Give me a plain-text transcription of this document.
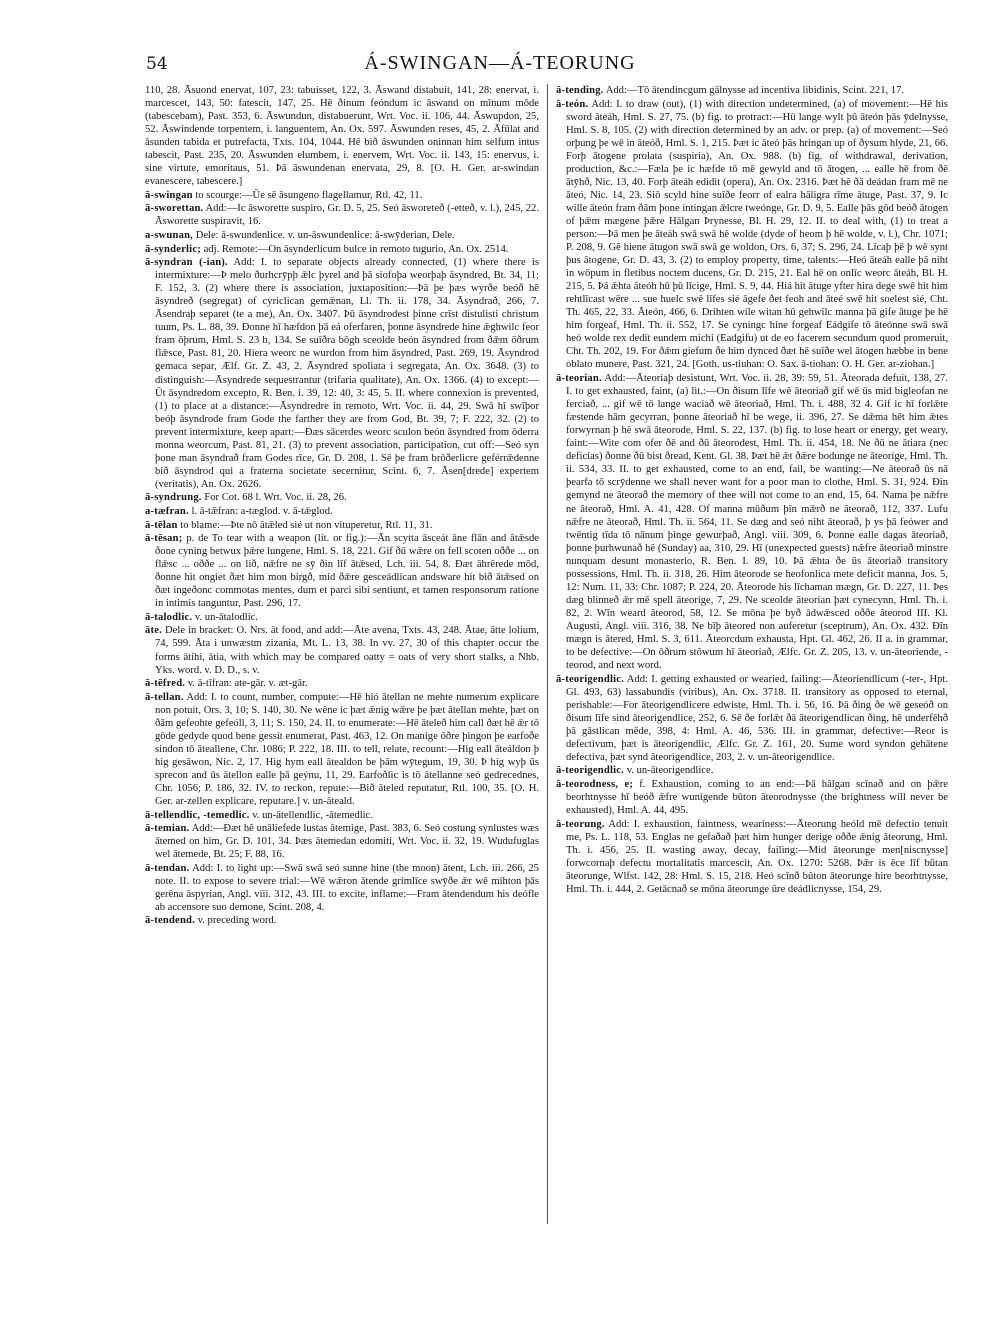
54	Á-SWINGAN—Á-TEORUNG

110, 28. Āsuond enervat, 107, 23: tabuisset, 122, 3. Āswand distabuit, 141, 28: enervat, i. marcescet, 143, 50: fatescit, 147, 25. Hē ðinum feóndum ic āswand on mīnum mōde (tabescebam), Past. 353, 6. Āswundun, distabuerunt, Wrt. Voc. ii. 106, 44. Āswupdon, 25, 52. Āswindende torpentem, i. languentem, An. Ox. 597. Āswunden reses, 45, 2. Āfūlat and āsunden tabida et putrefacta, Txts. 104, 1044. Hē bið āswunden oninnan him selfum intus tabescit, Past. 235, 20. Āswunden elumbem, i. enervem, Wrt. Voc. ii. 143, 15: enervus, i. sine virtute, emoritaus, 51. Þā āswundenan enervata, 29, 8. [O. H. Ger. ar-swindan evanescere, tabescere.]

ā-swingan to scourge:—Ūe sē āsungeno flagellamur, Rtl. 42, 11.

ā-sworettan. Add:—Ic āsworette suspiro, Gr. D. 5, 25. Seó āsworeteð (-etteð, v. l.), 245, 22. Āsworette suspiravit, 16.

a-swunan, Dele: ā-swundenlice. v. un-āswundenlice: ā-swȳderian, Dele.

ā-synderlic; adj. Remote:—On āsynderlicum bulce in remoto tugurio, An. Ox. 2514.

ā-syndran (-ian). Add: I. to separate objects already connected, (1) where there is intermixture:—Þ melo ðurhcrȳpþ ǣlc þyrel and þā siofoþa weorþaþ āsyndred, Bt. 34, 11; F. 152, 3. (2) where there is association, juxtaposition:—Þā þe þæs wyrðe beóð hē āsyndreð (segregat) of cyriclican gemǣnan, Ll. Th. ii. 178, 34. Āsyndrað, 266, 7. Āsendraþ separet (te a me), An. Ox. 3407. Þū āsyndrodest þinne crīst distulisti christum tuum, Ps. L. 88, 39. Ðonne hī hæfdon þā eá oferfaren, þonne āsyndrede hine ǣghwilc feor fram ōþrum, Hml. S. 23 b, 134. Se suīðra bōgh sceolde beón āsyndred from ðǣm ōðrum flǣsce, Past. 81, 20. Hiera weorc ne wurdon from him āsyndred, Past. 269, 19. Āsyndrod gemaca separ, Ælf. Gr. Z. 43, 2. Āsyndred spoliata i segregata, An. Ox. 3648. (3) to distinguish:—Āsyndrede sequestrantur (trifaria qualitate), An. Ox. 1366. (4) to except:—Ūt āsyndredom excepto, R. Ben. i. 39, 12: 40, 3: 45, 5. II. where connexion is prevented, (1) to place at a distance:—Āsyndredre in remoto, Wrt. Voc. ii. 44, 29. Swā hī swīþor beóþ āsyndrode fram Gode the farther they are from God, Bt. 39, 7; F. 222, 32. (2) to prevent intermixture, keep apart:—Ðæs sācerdes weorc sculon beón āsyndred from ōderra monna weorcum, Past. 81, 21. (3) to prevent association, participation, cut off:—Seó syn þone man āsyndrað fram Godes rīce, Gr. D. 208, 1. Sē þe fram brōðerlicre geférrǣdenne bið āsyndrod qui a fraterna societate secernitur, Scint. 6, 7. Āsen[drede] expertem (veritatis), An. Ox. 2626.

ā-syndrung. For Cot. 68 l. Wrt. Voc. ii. 28, 26.

a-tæfran. l. ā-tǣfran: a-tæglod. v. ā-tǣglod.

ā-tēlan to blame:—Þte nō ātǣled sié ut non vituperetur, Rtl. 11, 31.

ā-tēsan; p. de To tear with a weapon (lit. or fig.):—Ān scytta āsceát āne flān and ātǣsde ðone cyning betwux þǣre lungene, Hml. S. 18, 221. Gif ðū wǣre on fell scoten oððe ... on flǣsc ... oððe ... on lið, nǣfre ne sȳ ðin līf ātǣsed, Lch. iii. 54, 8. Ðæt āhrērede mōd, ðonne hit ongiet ðæt him mon birgð, mid ðǣre gesceádlican andsware hit bið ātǣsed on ðæt ingeðonc commotas mentes, dum et parci sibi sentiunt, et tamen responsorum ratione in intimis tanguntur, Past. 296, 17.

ā-talodlic. v. un-ātalodlic.

āte. Dele in bracket: O. Nrs. āt food, and add:—Āte avena, Txts. 43, 248. Ātae, ātte lolium, 74, 599. Āta i unwæstm zizania, Mt. L. 13, 38. In vv. 27, 30 of this chapter occur the forms ātihi, ātia, with which may be compared oatty = oats of very short stalks, a Nhb. Yks. word. v. D. D., s. v.

ā-tēfred. v. ā-tīfran: ate-gār. v. æt-gār.

ā-tellan. Add: I. to count, number, compute:—Hē hió ātellan ne mehte numerum explicare non potuit, Ors. 3, 10; S. 140, 30. Ne wēne ic þæt ǣnig wǣre þe þæt ātellan mehte, þæt on ðām gefeohte gefeóll, 3, 11; S. 150, 24. II. to enumerate:—Hē āteleð him call ðæt hē ǣr tō gōde gedyde quod bene gessit enumerat, Past. 463, 12. On manige ōðre þingon þe earfoðe sindon tō āteallene, Chr. 1086; P. 222, 18. III. to tell, relate, recount:—Hig eall āteáldon þ hig gesāwon, Nic. 2, 17. Hig hym eall ātealdon be þām wȳtegum, 19, 30. Þ hig wyþ ūs sprecon and ūs ātellon ealle þā geýnu, 11, 29. Earfoðlic is tō ātellanne seó gedrecednes, Chr. 1056; P. 186, 32. IV. to reckon, repute:—Bið āteled reputatur, Rtl. 100, 35. [O. H. Ger. ar-zellen explicare, reputare.] v. un-āteald.

ā-tellendlic, -temedlic. v. un-ātellendlic, -ātemedlic.

ā-temian. Add:—Ðæt hē unāliefede lustas ātemige, Past. 383, 6. Seó costung synlustes wæs ātemed on him, Gr. D. 101, 34. Þæs ātemedan edomiti, Wrt. Voc. ii. 32, 19. Wudufuglas wel ātemede, Bt. 25; F. 88, 16.

ā-tendan. Add: I. to light up:—Swā swā seó sunne hine (the moon) ātent, Lch. iii. 266, 25 note. II. to expose to severe trial:—Wē wǣron ātende grimlīce swȳðe ǣr wē mihton þās gerēna āspyrian, Angl. viii. 312, 43. III. to excite, inflame:—Fram ātendendum his deófle ab accensore suo demone, Scint. 208, 4.

ā-tendend. v. preceding word.

ā-tending. Add:—Tō ātendincgum gālnysse ad incentiva libidinis, Scint. 221, 17.

ā-teón. Add: I. to draw (out), (1) with direction undetermined, (a) of movement:—Hē his sword āteáh, Hml. S. 27, 75. (b) fig. to protract:—Hū lange wylt þū āteón þās ȳdelnysse, Hml. S. 8, 105. (2) with direction determined by an adv. or prep. (a) of movement:—Seó orþung þe wē in āteóð, Hml. S. 1, 215. Þæt ic āteó þās hringan up of ðysum hlyde, 21, 66. Forþ ātogene prolata (suspiria), An. Ox. 988. (b) fig. of withdrawal, derivation, production, &c.:—Fæla þe ic hæfde tō mē gewyld and tō ātogen, ... ealle hē from ðē ātȳhð, Nic. 13, 40. Forþ āteáh edidit (opera), An. Ox. 2316. Þæt hē ðā deádan fram mē ne āteó, Nic. 14, 23. Siō scyld hine suīðe feorr of ealra hāligra rīme ātuge, Past. 37, 9. Ic wille āteón fram ðām þone intingan ǣlcre tweónge, Gr. D. 9, 5. Ealle þās gōd beóð ātogen of þǣm mægene þǣre Hālgan Þrynesse, Bl. H. 29, 12. II. to deal with, (1) to treat a person:—Þā men þe āteáh swā swā hē wolde (dyde of heom þ hē wolde, v. l.), Chr. 1071; P. 208, 9. Gē hiene ātugon swā swā ge woldon, Ors. 6, 37; S. 296, 24. Līcaþ þē þ wē synt þus ātogene, Gr. D. 43, 3. (2) to employ property, time, talents:—Heó āteáh ealle þā niht in wōpum in fletibus noctem ducens, Gr. D. 215, 21. Eal hē on onlīc weorc āteáh, Bl. H. 215, 5. Þā ǣhta āteóh hū þū līcige, Hml. S. 9, 44. Hiá hit ātuge yfter hira dege swē hit him rehtlīcast wēre ... sue huelc swē līfes sié āgefe ðet feoh and āteé swē hit soelest sié, Cht. Th. 465, 22, 33. Āteón, 466, 6. Drihten wile witan hū gehwilc manna þā gife ātuge þe hē him forgeaf, Hml. Th. ii. 552, 17. Se cyningc hine forgeaf Eádgife tō āteónne swā swā heó wolde rex dedit eundem michi (Eadgifu) ut de eo facerem secundum quod promeruit, Cht. Th. 202, 19. For ðǣm giefum ðe him dynced ðæt hē suīðe wel ātogen hæbbe in bene oblato munere, Past. 321, 24. [Goth. us-tiuhan: O. Sax. ā-tiohan: O. H. Ger. ar-ziohan.]

ā-teorian. Add:—Āteoriaþ desistunt, Wrt. Voc. ii. 28, 39: 59, 51. Āteorada defuit, 138, 27. I. to get exhausted, faint, (a) lit.:—On ðisum līfe wē āteoriað gif wē ūs mid bigleofan ne ferciað, ... gif wē tō lange waciað wē āteoriað, Hml. Th. i. 488, 32 4. Gif ic hī forlǣte fæstende hām gecyrran, þonne āteoriað hī be wege, ii. 396, 27. Se dǣma hēt him ǣtes forwyrnan þ hē swā āteorode, Hml. S. 22, 137. (b) fig. to lose heart or energy, get weary, faint:—Wite com ofer ðē and ðū āteorodest, Hml. Th. ii. 454, 18. Ne ðū ne ātiara (nec deficias) ðonne ðū bist ðread, Kent. Gl. 38. Þæt hē ǣt ðǣre bodunge ne āteorige, Hml. Th. ii. 534, 33. II. to get exhausted, come to an end, fail, be wanting:—Ne āteorað ūs nā þearfa tō scrȳdenne we shall never want for a poor man to clothe, Hml. S. 31, 924. Ðin gemynd ne āteorað the memory of thee will not come to an end, 15, 64. Nama þe nǣfre ne āteorað, Hml. A. 41, 428. Of manna mūðum þīn mǣrð ne āteorað, 112, 337. Lufu nǣfre ne āteorað, Hml. Th. ii. 564, 11. Se dæg and seó niht āteorað, þ ys þā feówer and twēntig tīda tō nānum þinge gewurþað, Angl. viii. 309, 6. Þonne ealle dagas āteoriað, þonne þurhwunað hē (Sunday) aa, 310, 29. Hī (unexpected guests) nǣfre āteoriað minstre nunquam desunt monasterio, R. Ben. I. 89, 10. Þā ǣhta ðe ūs āteoriað transitory possessions, Hml. Th. ii. 318, 26. Him āteorode se heofonlica mete deficit manna, Jos. 5, 12: Num. 11, 33: Chr. 1087; P. 224, 20. Āteorode his līchaman mægn, Gr. D. 227, 11. Þes dæg blinneð ǣr mē spell āteorige, 7, 29. Ne sceolde āteorian þæt cynecynn, Hml. Th. i. 82, 2. Wīn weard āteorod, 58, 12. Se mōna þe byð ādwǣsced oððe āteorod III. Kl. Augusti, Angl. viii. 316, 38. Ne bīþ āteored non auferetur (sceptrum), An. Ox. 432. Ðīn mægn is ātered, Hml. S. 3, 611. Āteorcdum exhausta, Hpt. Gl. 462, 26. II a. in grammar, to be defective:—On ōðrum stōwum hī āteoriað, Ælfc. Gr. Z. 205, 13. v. un-āteoriende, -teorod, and next word.

ā-teorigendlic. Add: I. getting exhausted or wearied, failing:—Āteoriendlicum (-ter-, Hpt. Gl. 493, 63) lassabundis (viribus), An. Ox. 3718. II. transitory as opposed to eternal, perishable:—For āteorigendlicere edwiste, Hml. Th. i. 56, 16. Þā ðing ðe wē geseóð on ðisum līfe sind āteorigendlice, 252, 6. Sē ðe forlǣt ðā āteorigendlican ðing, hē underfēhð þā gāstlican mēde, 398, 4: Hml. A. 46, 536. III. in grammar, defective:—Reor is defectivum, þæt is āteorigendlic, Ælfc. Gr. Z. 161, 20. Sume word syndon gehātene defectiva, þæt synd āteorigendlice, 203, 2. v. un-āteorigendlice.

ā-teorigendlic. v. un-āteorigendlice.

ā-teorodness, e; f. Exhaustion, coming to an end:—Þā hālgan scīnað and on þǣre beorhtnysse hī beóð ǣfre wunigende būton āteorodnysse (the brightness will never be exhausted), Hml. A. 44, 495.

ā-teorung. Add: I. exhaustion, faintness, weariness:—Āteorung heóld mē defectio tenuit me, Ps. L. 118, 53. Englas ne gefaðað þæt him hunger derige oððe ǣnig āteorung, Hml. Th. i. 456, 25. II. wasting away, decay, failing:—Mid āteorunge men[niscnysse] forwcornaþ defectu mortalitatis marcescit, An. Ox. 1270: 5268. Þǣr is ēce līf būtan āteorunge, Wlfst. 142, 28: Hml. S. 15, 218. Heó scīnð būton āteorunge hire beorhtnysse, Hml. Th. i. 444, 2. Getācnað se mōna āteorunge ūre deádlicnysse, 154, 29.
